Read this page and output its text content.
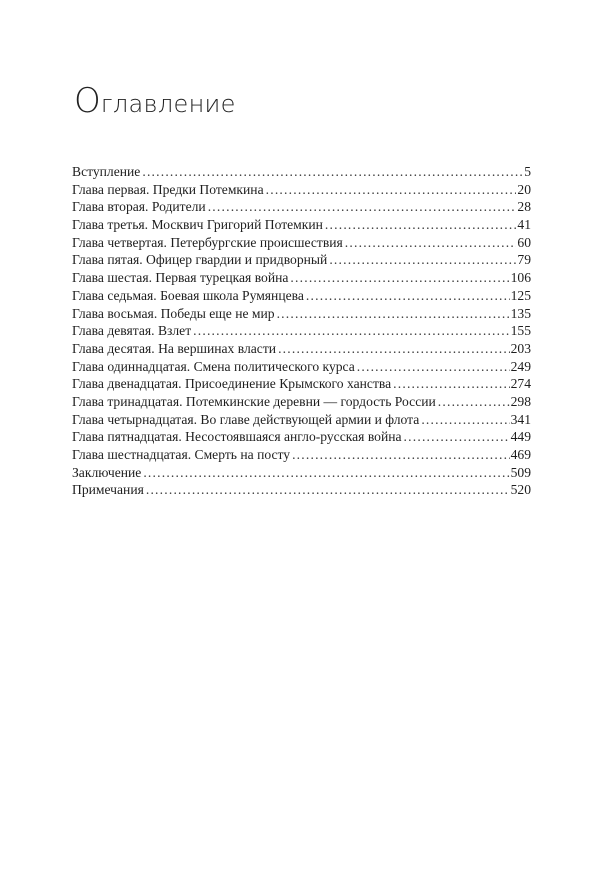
Оглавление
Вступление .....	5
Глава первая. Предки Потемкина .....	20
Глава вторая. Родители .....	28
Глава третья. Москвич Григорий Потемкин .....	41
Глава четвертая. Петербургские происшествия .....	60
Глава пятая. Офицер гвардии и придворный .....	79
Глава шестая. Первая турецкая война .....	106
Глава седьмая. Боевая школа Румянцева .....	125
Глава восьмая. Победы еще не мир .....	135
Глава девятая. Взлет .....	155
Глава десятая. На вершинах власти .....	203
Глава одиннадцатая. Смена политического курса .....	249
Глава двенадцатая. Присоединение Крымского ханства .....	274
Глава тринадцатая. Потемкинские деревни — гордость России .....	298
Глава четырнадцатая. Во главе действующей армии и флота .....	341
Глава пятнадцатая. Несостоявшаяся англо-русская война .....	449
Глава шестнадцатая. Смерть на посту .....	469
Заключение .....	509
Примечания .....	520
